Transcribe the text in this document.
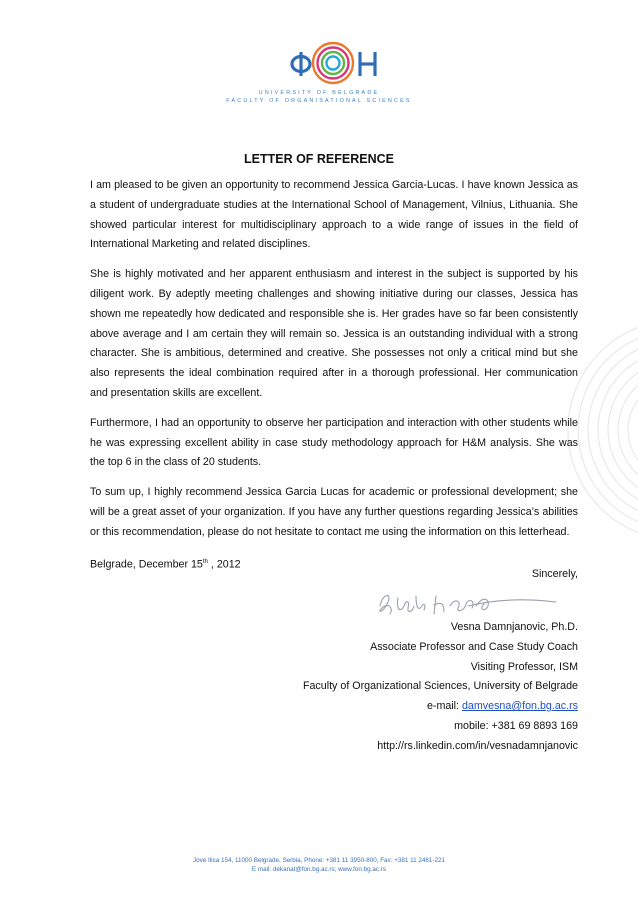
UNIVERSITY OF BELGRADE
FACULTY OF ORGANISATIONAL SCIENCES
LETTER OF REFERENCE

I am pleased to be given an opportunity to recommend Jessica Garcia-Lucas. I have known Jessica as a student of undergraduate studies at the International School of Management, Vilnius, Lithuania. She showed particular interest for multidisciplinary approach to a wide range of issues in the field of International Marketing and related disciplines.

She is highly motivated and her apparent enthusiasm and interest in the subject is supported by his diligent work. By adeptly meeting challenges and showing initiative during our classes, Jessica has shown me repeatedly how dedicated and responsible she is. Her grades have so far been consistently above average and I am certain they will remain so. Jessica is an outstanding individual with a strong character. She is ambitious, determined and creative. She possesses not only a critical mind but she also represents the ideal combination required after in a thorough professional. Her communication and presentation skills are excellent.

Furthermore, I had an opportunity to observe her participation and interaction with other students while he was expressing excellent ability in case study methodology approach for H&M analysis. She was the top 6 in the class of 20 students.

To sum up, I highly recommend Jessica Garcia Lucas for academic or professional development; she will be a great asset of your organization. If you have any further questions regarding Jessica’s abilities or this recommendation, please do not hesitate to contact me using the information on this letterhead.

Belgrade, December 15th , 2012

Sincerely,
Vesna Damnjanovic, Ph.D.
Associate Professor and Case Study Coach
Visiting Professor, ISM
Faculty of Organizational Sciences, University of Belgrade
e-mail: damvesna@fon.bg.ac.rs
mobile: +381 69 8893 169
http://rs.linkedin.com/in/vesnadamnjanovic
Jove Ilica 154, 11000 Belgrade, Serbia, Phone: +381 11 3950-800, Fax: +381 11 2461-221
E mail: dekanat@fon.bg.ac.rs; www.fon.bg.ac.rs
